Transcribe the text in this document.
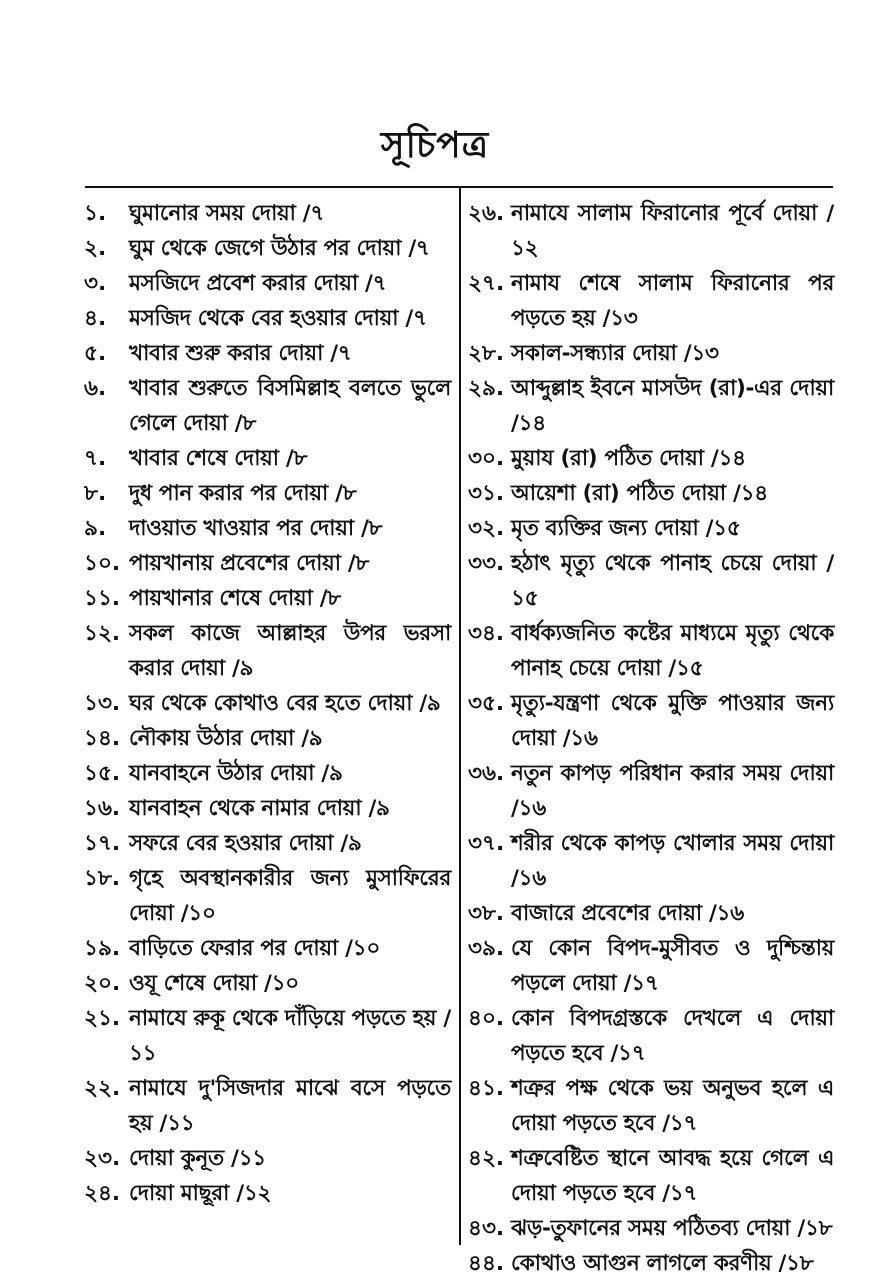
সূচিপত্র
১.	ঘুমানোর সময় দোয়া /৭
২.	ঘুম থেকে জেগে উঠার পর দোয়া /৭
৩.	মসজিদে প্রবেশ করার দোয়া /৭
৪.	মসজিদ থেকে বের হওয়ার দোয়া /৭
৫.	খাবার শুরু করার দোয়া /৭
৬.	খাবার শুরুতে বিসমিল্লাহ বলতে ভুলে গেলে দোয়া /৮
৭.	খাবার শেষে দোয়া /৮
৮.	দুধ পান করার পর দোয়া /৮
৯.	দাওয়াত খাওয়ার পর দোয়া /৮
১০. পায়খানায় প্রবেশের দোয়া /৮
১১. পায়খানার শেষে দোয়া /৮
১২. সকল কাজে আল্লাহর উপর ভরসা করার দোয়া /৯
১৩. ঘর থেকে কোথাও বের হতে দোয়া /৯
১৪. নৌকায় উঠার দোয়া /৯
১৫. যানবাহনে উঠার দোয়া /৯
১৬. যানবাহন থেকে নামার দোয়া /৯
১৭. সফরে বের হওয়ার দোয়া /৯
১৮. গৃহে অবস্থানকারীর জন্য মুসাফিরের দোয়া /১০
১৯. বাড়িতে ফেরার পর দোয়া /১০
২০. ওযূ শেষে দোয়া /১০
২১. নামাযে রুকূ থেকে দাঁড়িয়ে পড়তে হয় /১১
২২. নামাযে দু'সিজদার মাঝে বসে পড়তে হয় /১১
২৩. দোয়া কুনূত /১১
২৪. দোয়া মাছূরা /১২
২৬. নামাযে সালাম ফিরানোর পূর্বে দোয়া /১২
২৭. নামায শেষে সালাম ফিরানোর পর পড়তে হয় /১৩
২৮. সকাল-সন্ধ্যার দোয়া /১৩
২৯. আব্দুল্লাহ ইবনে মাসউদ (রা)-এর দোয়া /১৪
৩০. মুয়ায (রা) পঠিত দোয়া /১৪
৩১. আয়েশা (রা) পঠিত দোয়া /১৪
৩২. মৃত ব্যক্তির জন্য দোয়া /১৫
৩৩. হঠাৎ মৃত্যু থেকে পানাহ চেয়ে দোয়া /১৫
৩৪. বার্ধক্যজনিত কষ্টের মাধ্যমে মৃত্যু থেকে পানাহ চেয়ে দোয়া /১৫
৩৫. মৃত্যু-যন্ত্রণা থেকে মুক্তি পাওয়ার জন্য দোয়া /১৬
৩৬. নতুন কাপড় পরিধান করার সময় দোয়া /১৬
৩৭. শরীর থেকে কাপড় খোলার সময় দোয়া /১৬
৩৮. বাজারে প্রবেশের দোয়া /১৬
৩৯. যে কোন বিপদ-মুসীবত ও দুশ্চিন্তায় পড়লে দোয়া /১৭
৪০. কোন বিপদগ্রস্তকে দেখলে এ দোয়া পড়তে হবে /১৭
৪১. শত্রুর পক্ষ থেকে ভয় অনুভব হলে এ দোয়া পড়তে হবে /১৭
৪২. শত্রুবেষ্টিত স্থানে আবদ্ধ হয়ে গেলে এ দোয়া পড়তে হবে /১৭
৪৩. ঝড়-তুফানের সময় পঠিতব্য দোয়া /১৮
৪৪. কোথাও আগুন লাগলে করণীয় /১৮
